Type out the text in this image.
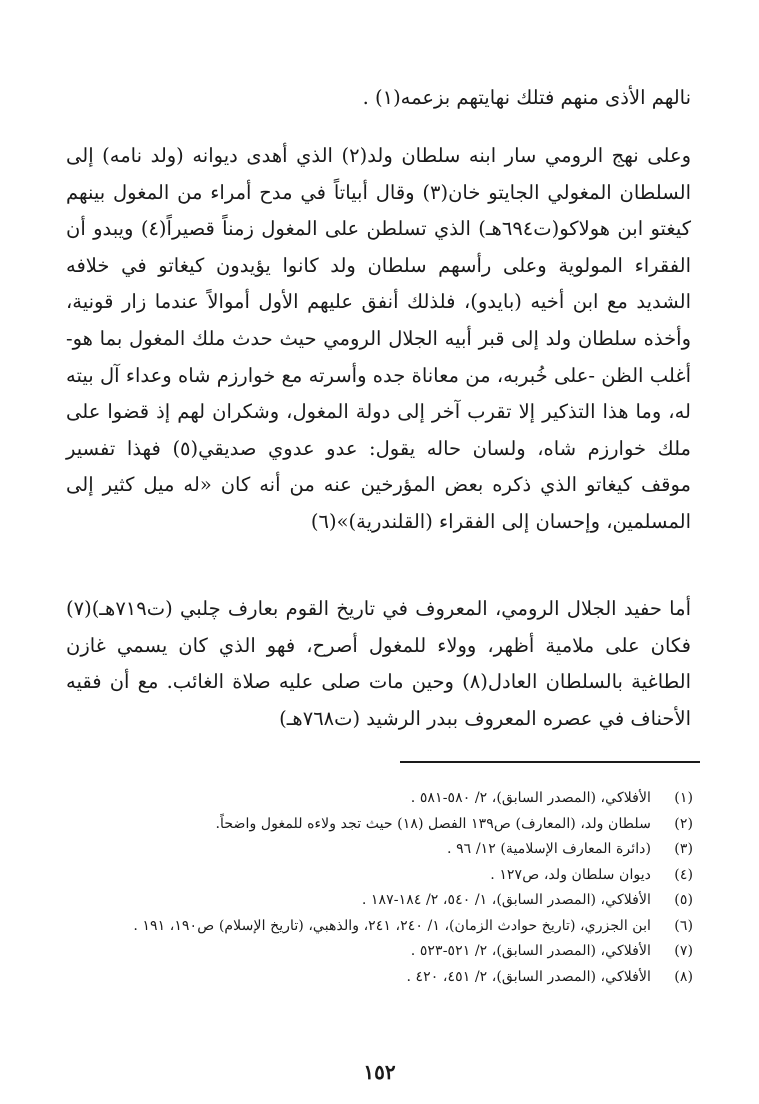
نالهم الأذى منهم فتلك نهايتهم بزعمه(١) .

وعلى نهج الرومي سار ابنه سلطان ولد(٢) الذي أهدى ديوانه (ولد نامه) إلى السلطان المغولي الجايتو خان(٣) وقال أبياتاً في مدح أمراء من المغول بينهم كيغتو ابن هولاكو(ت٦٩٤هـ) الذي تسلطن على المغول زمناً قصيراً(٤) ويبدو أن الفقراء المولوية وعلى رأسهم سلطان ولد كانوا يؤيدون كيغاتو في خلافه الشديد مع ابن أخيه (بايدو)، فلذلك أنفق عليهم الأول أموالاً عندما زار قونية، وأخذه سلطان ولد إلى قبر أبيه الجلال الرومي حيث حدث ملك المغول بما هو- أغلب الظن -على خُبربه، من معاناة جده وأسرته مع خوارزم شاه وعداء آل بيته له، وما هذا التذكير إلا تقرب آخر إلى دولة المغول، وشكران لهم إذ قضوا على ملك خوارزم شاه، ولسان حاله يقول: عدو عدوي صديقي(٥) فهذا تفسير موقف كيغاتو الذي ذكره بعض المؤرخين عنه من أنه كان «له ميل كثير إلى المسلمين، وإحسان إلى الفقراء (القلندرية)»(٦)

أما حفيد الجلال الرومي، المعروف في تاريخ القوم بعارف چلبي (ت٧١٩هـ)(٧) فكان على ملامية أظهر، وولاء للمغول أصرح، فهو الذي كان يسمي غازن الطاغية بالسلطان العادل(٨) وحين مات صلى عليه صلاة الغائب. مع أن فقيه الأحناف في عصره المعروف ببدر الرشيد (ت٧٦٨هـ)

(١)
الأفلاكي، (المصدر السابق)، ٢/ ٥٨٠-٥٨١ .
(٢)
سلطان ولد، (المعارف) ص١٣٩ الفصل (١٨) حيث تجد ولاءه للمغول واضحاً.
(٣)
(دائرة المعارف الإسلامية) ١٢/ ٩٦ .
(٤)
ديوان سلطان ولد، ص١٢٧ .
(٥)
الأفلاكي، (المصدر السابق)، ١/ ٥٤٠، ٢/ ١٨٤-١٨٧ .
(٦)
ابن الجزري، (تاريخ حوادث الزمان)، ١/ ٢٤٠، ٢٤١، والذهبي، (تاريخ الإسلام) ص١٩٠، ١٩١ .
(٧)
الأفلاكي، (المصدر السابق)، ٢/ ٥٢١-٥٢٣ .
(٨)
الأفلاكي، (المصدر السابق)، ٢/ ٤٥١، ٤٢٠ .
١٥٢
